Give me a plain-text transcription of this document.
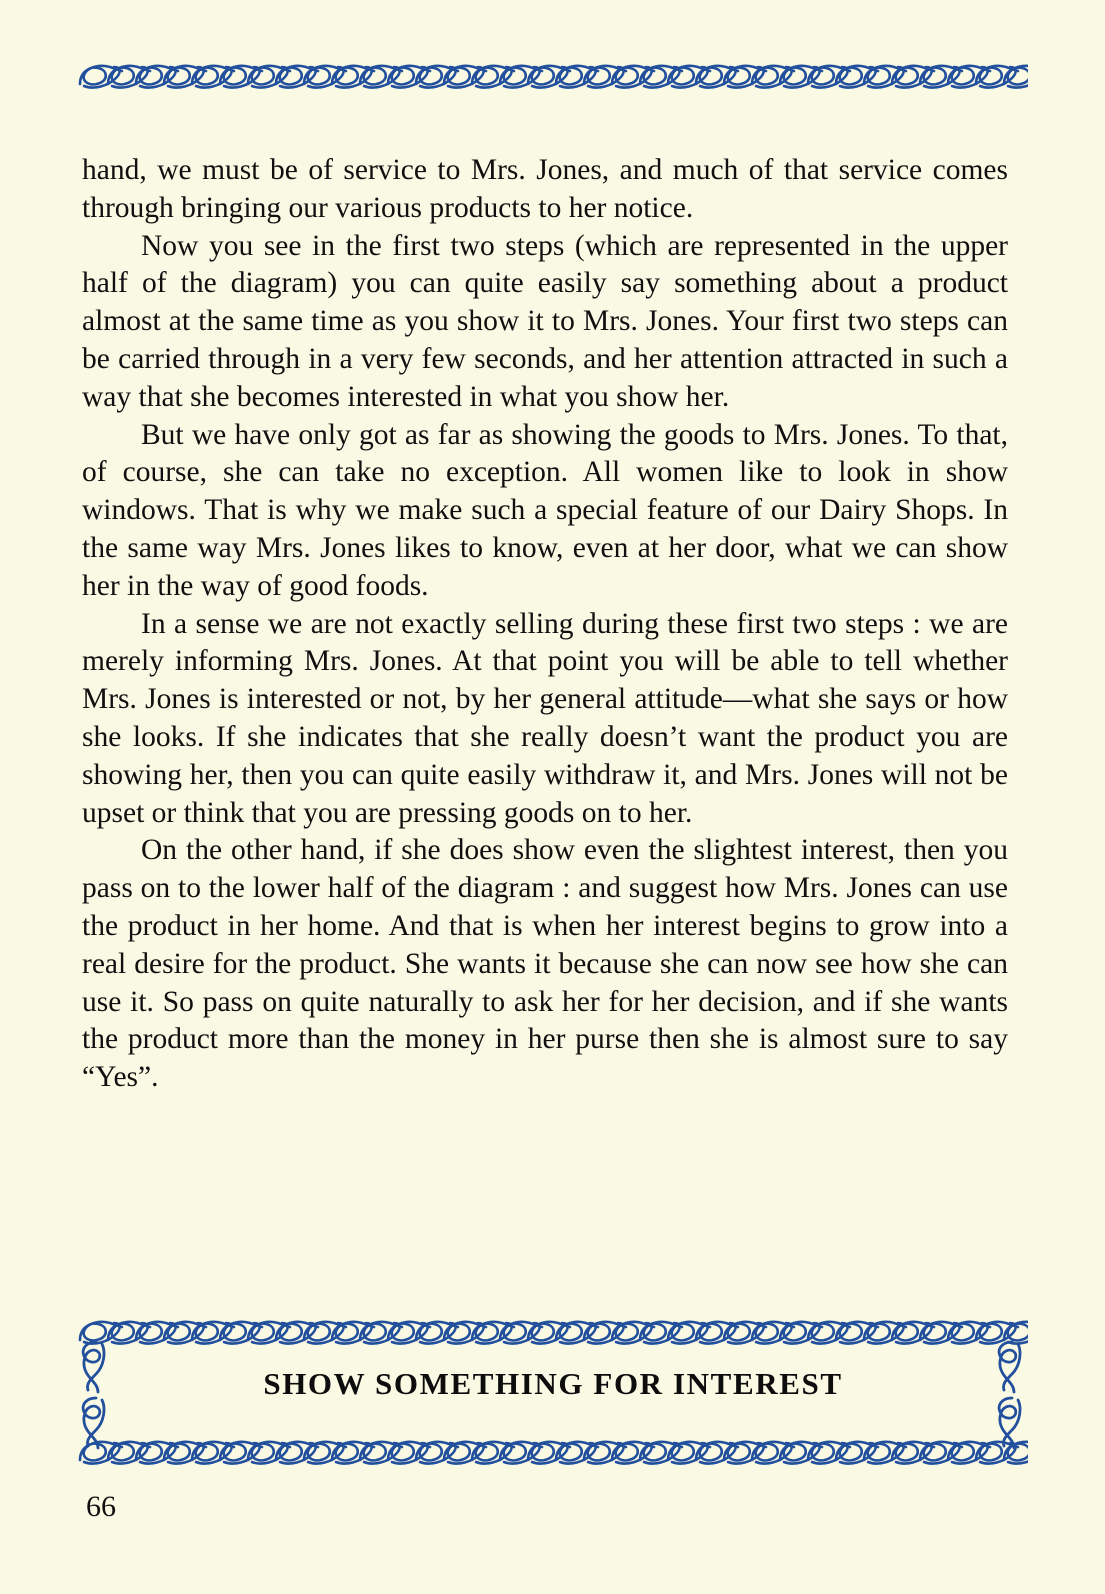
hand, we must be of service to Mrs. Jones, and much of that service comes through bringing our various products to her notice.

Now you see in the first two steps (which are represented in the upper half of the diagram) you can quite easily say something about a product almost at the same time as you show it to Mrs. Jones. Your first two steps can be carried through in a very few seconds, and her attention attracted in such a way that she becomes interested in what you show her.

But we have only got as far as showing the goods to Mrs. Jones. To that, of course, she can take no exception. All women like to look in show windows. That is why we make such a special feature of our Dairy Shops. In the same way Mrs. Jones likes to know, even at her door, what we can show her in the way of good foods.

In a sense we are not exactly selling during these first two steps : we are merely informing Mrs. Jones. At that point you will be able to tell whether Mrs. Jones is interested or not, by her general attitude—what she says or how she looks. If she indicates that she really doesn’t want the product you are showing her, then you can quite easily withdraw it, and Mrs. Jones will not be upset or think that you are pressing goods on to her.

On the other hand, if she does show even the slightest interest, then you pass on to the lower half of the diagram : and suggest how Mrs. Jones can use the product in her home. And that is when her interest begins to grow into a real desire for the product. She wants it because she can now see how she can use it. So pass on quite naturally to ask her for her decision, and if she wants the product more than the money in her purse then she is almost sure to say “Yes”.

SHOW SOMETHING FOR INTEREST
66
